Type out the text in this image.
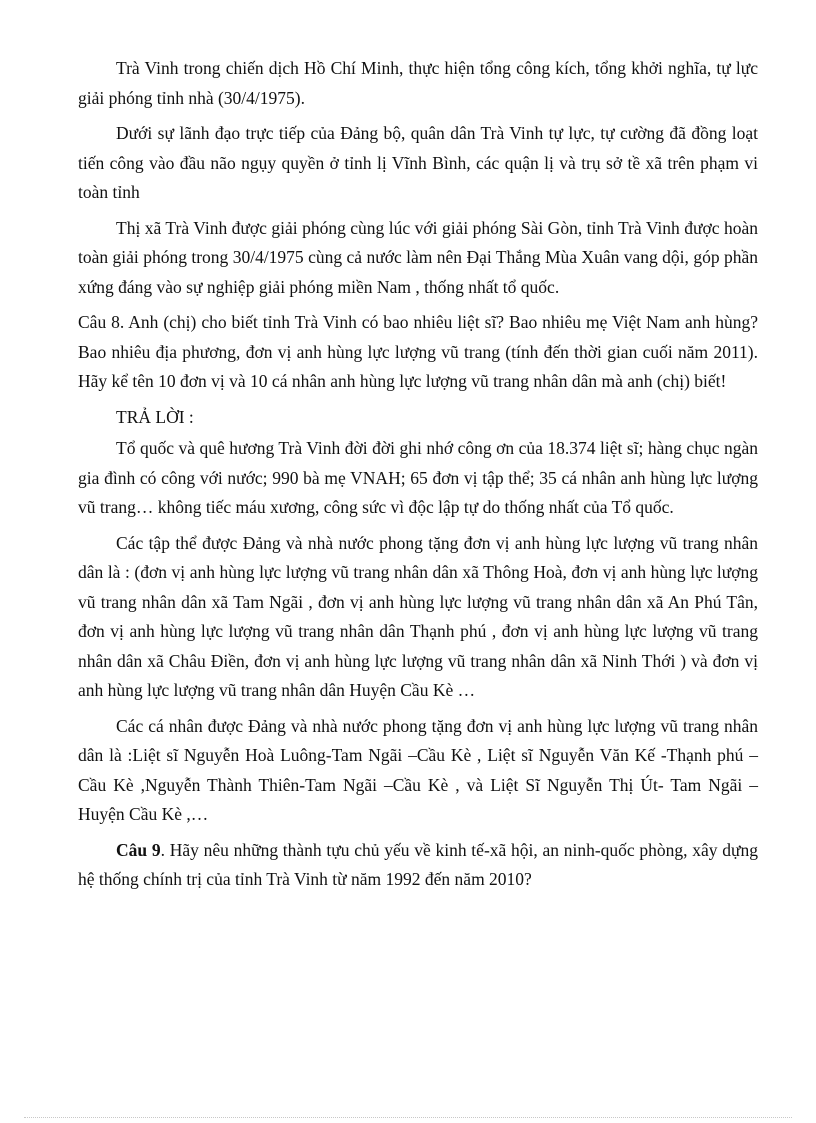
Trà Vinh trong chiến dịch Hồ Chí Minh, thực hiện tổng công kích, tổng khởi nghĩa, tự lực giải phóng tỉnh nhà (30/4/1975).

Dưới sự lãnh đạo trực tiếp của Đảng bộ, quân dân Trà Vinh tự lực, tự cường đã đồng loạt tiến công vào đầu não ngụy quyền ở tỉnh lị Vĩnh Bình, các quận lị và trụ sở tề xã trên phạm vi toàn tỉnh

Thị xã Trà Vinh được giải phóng cùng lúc với giải phóng Sài Gòn, tỉnh Trà Vinh được hoàn toàn giải phóng trong 30/4/1975 cùng cả nước làm nên Đại Thắng Mùa Xuân vang dội, góp phần xứng đáng vào sự nghiệp giải phóng miền Nam , thống nhất tổ quốc.

Câu 8. Anh (chị) cho biết tỉnh Trà Vinh có bao nhiêu liệt sĩ? Bao nhiêu mẹ Việt Nam anh hùng? Bao nhiêu địa phương, đơn vị anh hùng lực lượng vũ trang (tính đến thời gian cuối năm 2011). Hãy kể tên 10 đơn vị và 10 cá nhân anh hùng lực lượng vũ trang nhân dân mà anh (chị) biết!

TRẢ LỜI :

Tổ quốc và quê hương Trà Vinh đời đời ghi nhớ công ơn của 18.374 liệt sĩ; hàng chục ngàn gia đình có công với nước; 990 bà mẹ VNAH; 65 đơn vị tập thể; 35 cá nhân anh hùng lực lượng vũ trang… không tiếc máu xương, công sức vì độc lập tự do thống nhất của Tổ quốc.

Các tập thể được Đảng và nhà nước phong tặng đơn vị anh hùng lực lượng vũ trang nhân dân là : (đơn vị anh hùng lực lượng vũ trang nhân dân xã Thông Hoà, đơn vị anh hùng lực lượng vũ trang nhân dân xã Tam Ngãi , đơn vị anh hùng lực lượng vũ trang nhân dân xã An Phú Tân, đơn vị anh hùng lực lượng vũ trang nhân dân Thạnh phú , đơn vị anh hùng lực lượng vũ trang nhân dân xã Châu Điền, đơn vị anh hùng lực lượng vũ trang nhân dân xã Ninh Thới ) và đơn vị anh hùng lực lượng vũ trang nhân dân Huyện Cầu Kè …

Các cá nhân được Đảng và nhà nước phong tặng đơn vị anh hùng lực lượng vũ trang nhân dân là :Liệt sĩ Nguyễn Hoà Luông-Tam Ngãi –Cầu Kè , Liệt sĩ Nguyễn Văn Kế -Thạnh phú –Cầu Kè ,Nguyễn Thành Thiên-Tam Ngãi –Cầu Kè , và Liệt Sĩ Nguyễn Thị Út- Tam Ngãi –Huyện Cầu Kè ,…

Câu 9. Hãy nêu những thành tựu chủ yếu về kinh tế-xã hội, an ninh-quốc phòng, xây dựng hệ thống chính trị của tỉnh Trà Vinh từ năm 1992 đến năm 2010?
